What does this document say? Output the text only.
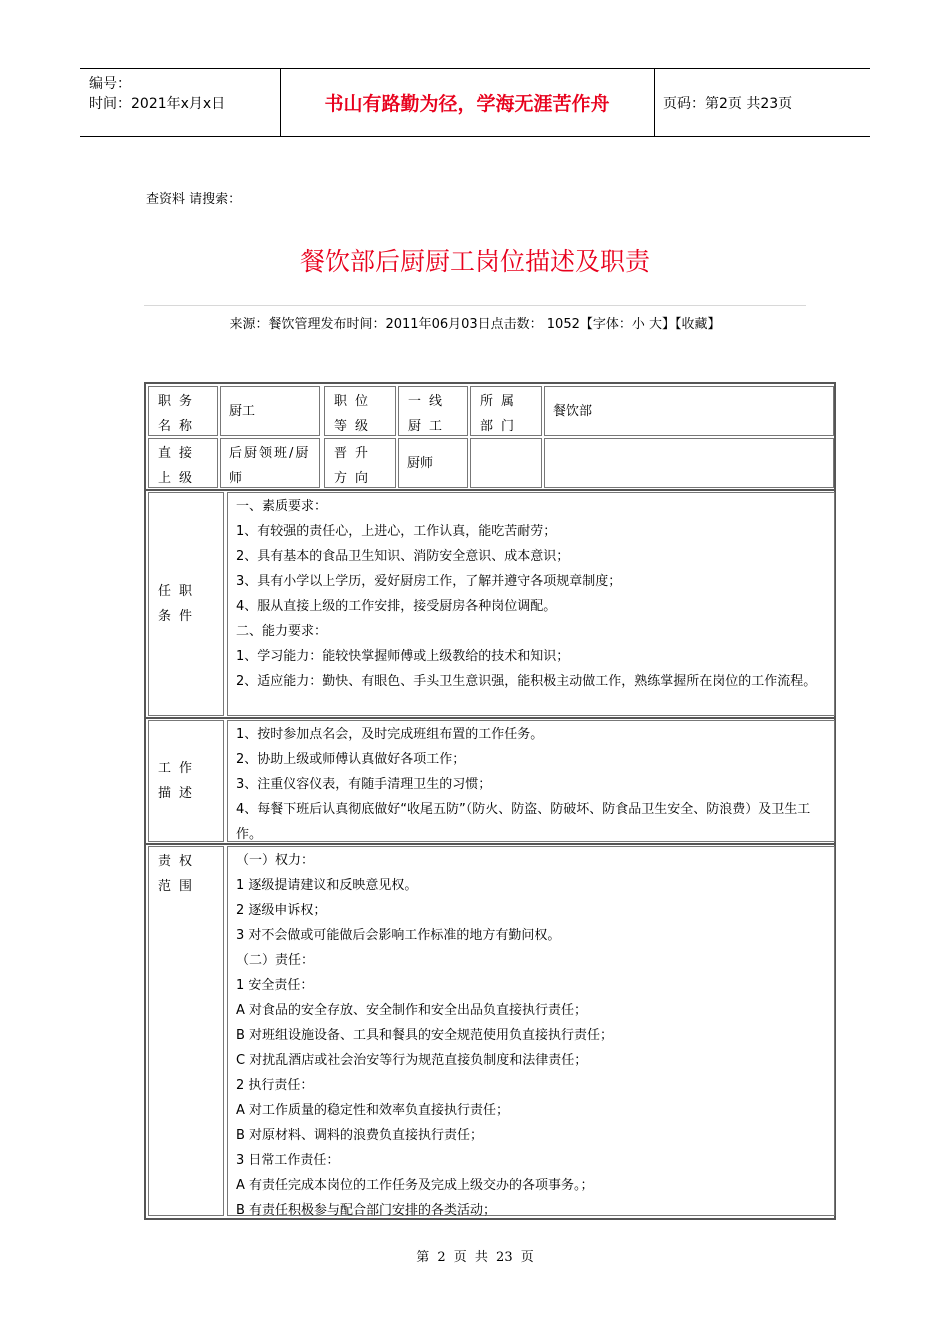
编号：
时间：2021年x月x日	书山有路勤为径，学海无涯苦作舟	页码：第2页 共23页
查资料 请搜索：
餐饮部后厨厨工岗位描述及职责
来源：餐饮管理发布时间：2011年06月03日点击数： 1052【字体：小 大】【收藏】
职务名称
厨工
职位等级
一线厨工
所属部门
餐饮部
直接上级
后厨领班/厨师
晋升方向
厨师
任职条件
一、素质要求：
1、有较强的责任心，上进心，工作认真，能吃苦耐劳；
2、具有基本的食品卫生知识、消防安全意识、成本意识；
3、具有小学以上学历，爱好厨房工作，了解并遵守各项规章制度；
4、服从直接上级的工作安排，接受厨房各种岗位调配。
二、能力要求：
1、学习能力：能较快掌握师傅或上级教给的技术和知识；
2、适应能力：勤快、有眼色、手头卫生意识强，能积极主动做工作，熟练掌握所在岗位的工作流程。
工作描述
1、按时参加点名会，及时完成班组布置的工作任务。
2、协助上级或师傅认真做好各项工作；
3、注重仪容仪表，有随手清理卫生的习惯；
4、每餐下班后认真彻底做好“收尾五防”（防火、防盗、防破坏、防食品卫生安全、防浪费）及卫生工作。
责权范围
（一）权力：
1 逐级提请建议和反映意见权。
2 逐级申诉权；
3 对不会做或可能做后会影响工作标准的地方有勤问权。
（二）责任：
1 安全责任：
A 对食品的安全存放、安全制作和安全出品负直接执行责任；
B 对班组设施设备、工具和餐具的安全规范使用负直接执行责任；
C 对扰乱酒店或社会治安等行为规范直接负制度和法律责任；
2 执行责任：
A 对工作质量的稳定性和效率负直接执行责任；
B 对原材料、调料的浪费负直接执行责任；
3 日常工作责任：
A 有责任完成本岗位的工作任务及完成上级交办的各项事务。；
B 有责任积极参与配合部门安排的各类活动；
第 2 页 共 23 页
